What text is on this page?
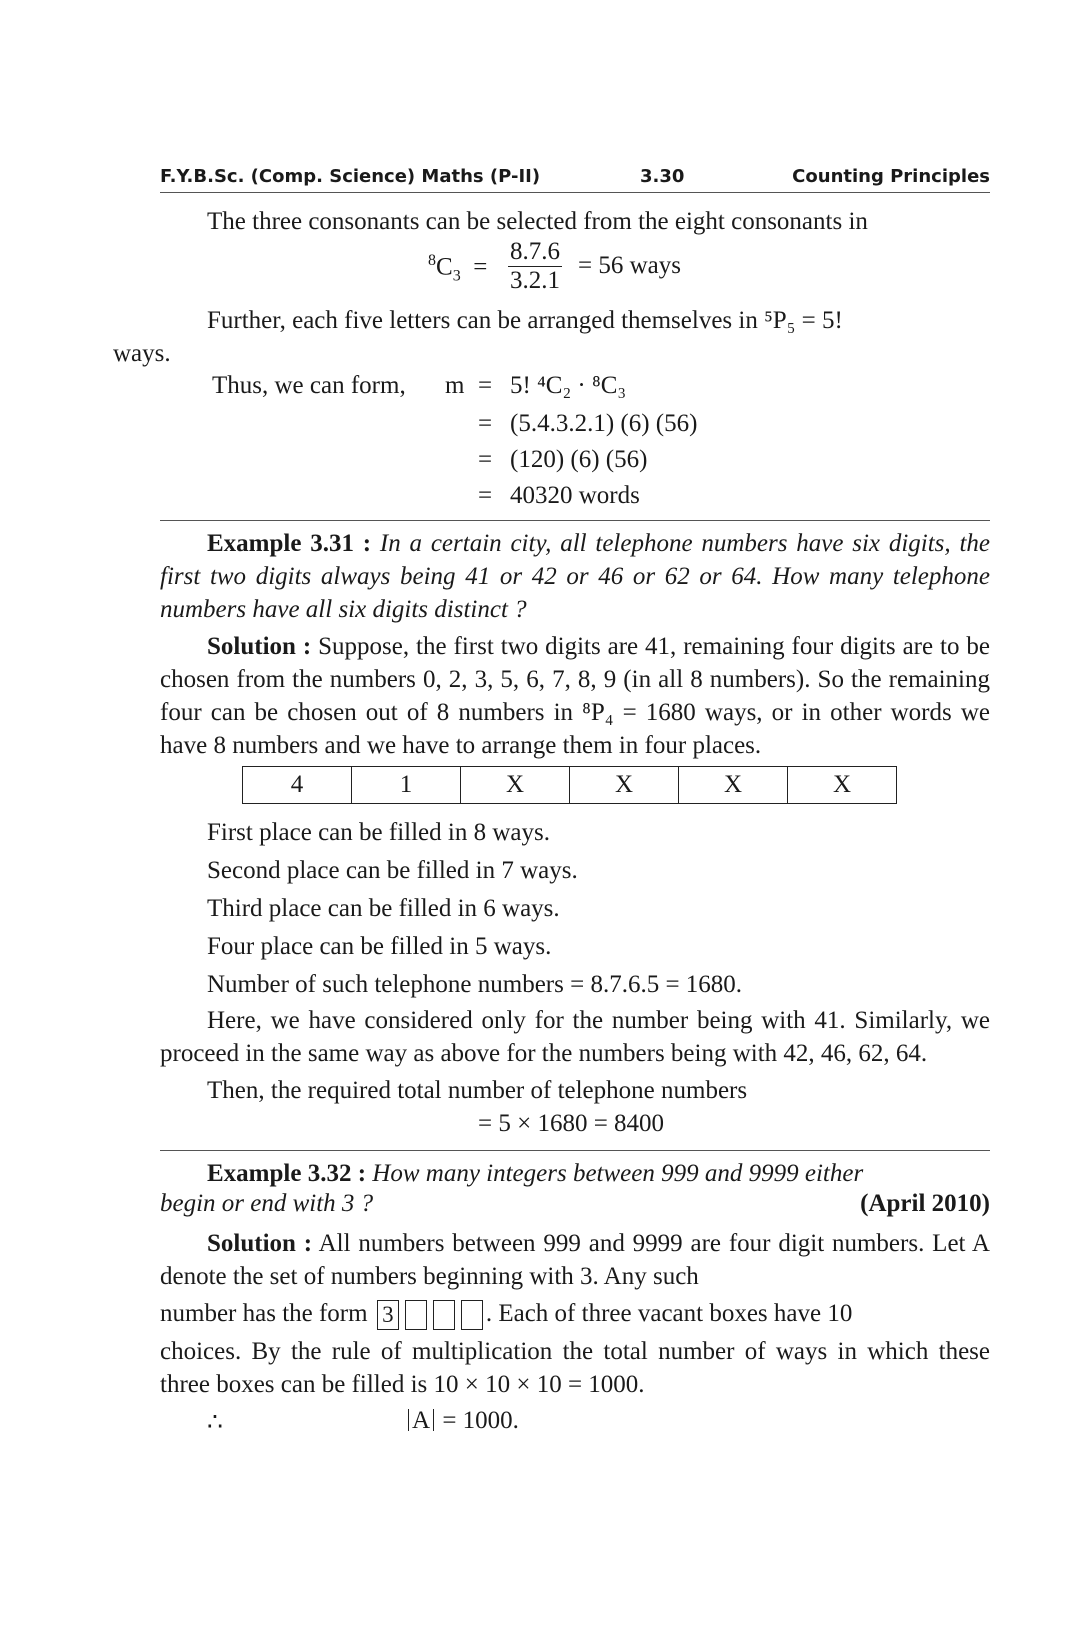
F.Y.B.Sc. (Comp. Science) Maths (P-II)	3.30	Counting Principles

The three consonants can be selected from the eight consonants in

$^8C_3 = \frac{8.7.6}{3.2.1} = 56$ ways

Further, each five letters can be arranged themselves in ⁵P₅ = 5!
ways.

Thus, we can form, m = 5! ⁴C₂ · ⁸C₃
= (5.4.3.2.1) (6) (56)
= (120) (6) (56)
= 40320 words

Example 3.31 : In a certain city, all telephone numbers have six digits, the first two digits always being 41 or 42 or 46 or 62 or 64. How many telephone numbers have all six digits distinct ?

Solution : Suppose, the first two digits are 41, remaining four digits are to be chosen from the numbers 0, 2, 3, 5, 6, 7, 8, 9 (in all 8 numbers). So the remaining four can be chosen out of 8 numbers in ⁸P₄ = 1680 ways, or in other words we have 8 numbers and we have to arrange them in four places.

4	1	X	X	X	X
First place can be filled in 8 ways.
Second place can be filled in 7 ways.
Third place can be filled in 6 ways.
Four place can be filled in 5 ways.
Number of such telephone numbers = 8.7.6.5 = 1680.

Here, we have considered only for the number being with 41. Similarly, we proceed in the same way as above for the numbers being with 42, 46, 62, 64.

Then, the required total number of telephone numbers
= 5 × 1680 = 8400

Example 3.32 : How many integers between 999 and 9999 either

begin or end with 3 ?	(April 2010)

Solution : All numbers between 999 and 9999 are four digit numbers. Let A denote the set of numbers beginning with 3. Any such

number has the form 3	. Each of three vacant boxes have 10

choices. By the rule of multiplication the total number of ways in which these three boxes can be filled is 10 × 10 × 10 = 1000.

∴	A = 1000.
